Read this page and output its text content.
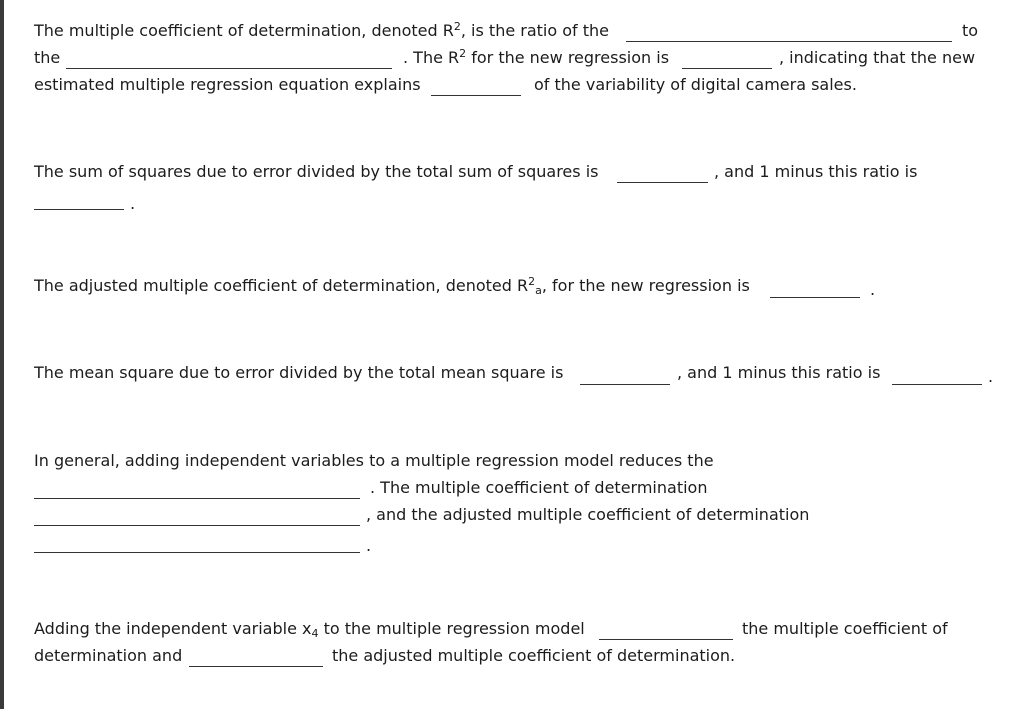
The multiple coefficient of determination, denoted $R^2$, is the ratio of the	to
the	. The $R^2$ for the new regression is	, indicating that the new
estimated multiple regression equation explains	of the variability of digital camera sales.
The sum of squares due to error divided by the total sum of squares is	, and 1 minus this ratio is
.
The adjusted multiple coefficient of determination, denoted $R^2_a$, for the new regression is	.
The mean square due to error divided by the total mean square is	, and 1 minus this ratio is	.
In general, adding independent variables to a multiple regression model reduces the
. The multiple coefficient of determination
, and the adjusted multiple coefficient of determination
.
Adding the independent variable $x_4$ to the multiple regression model	the multiple coefficient of
determination and	the adjusted multiple coefficient of determination.
